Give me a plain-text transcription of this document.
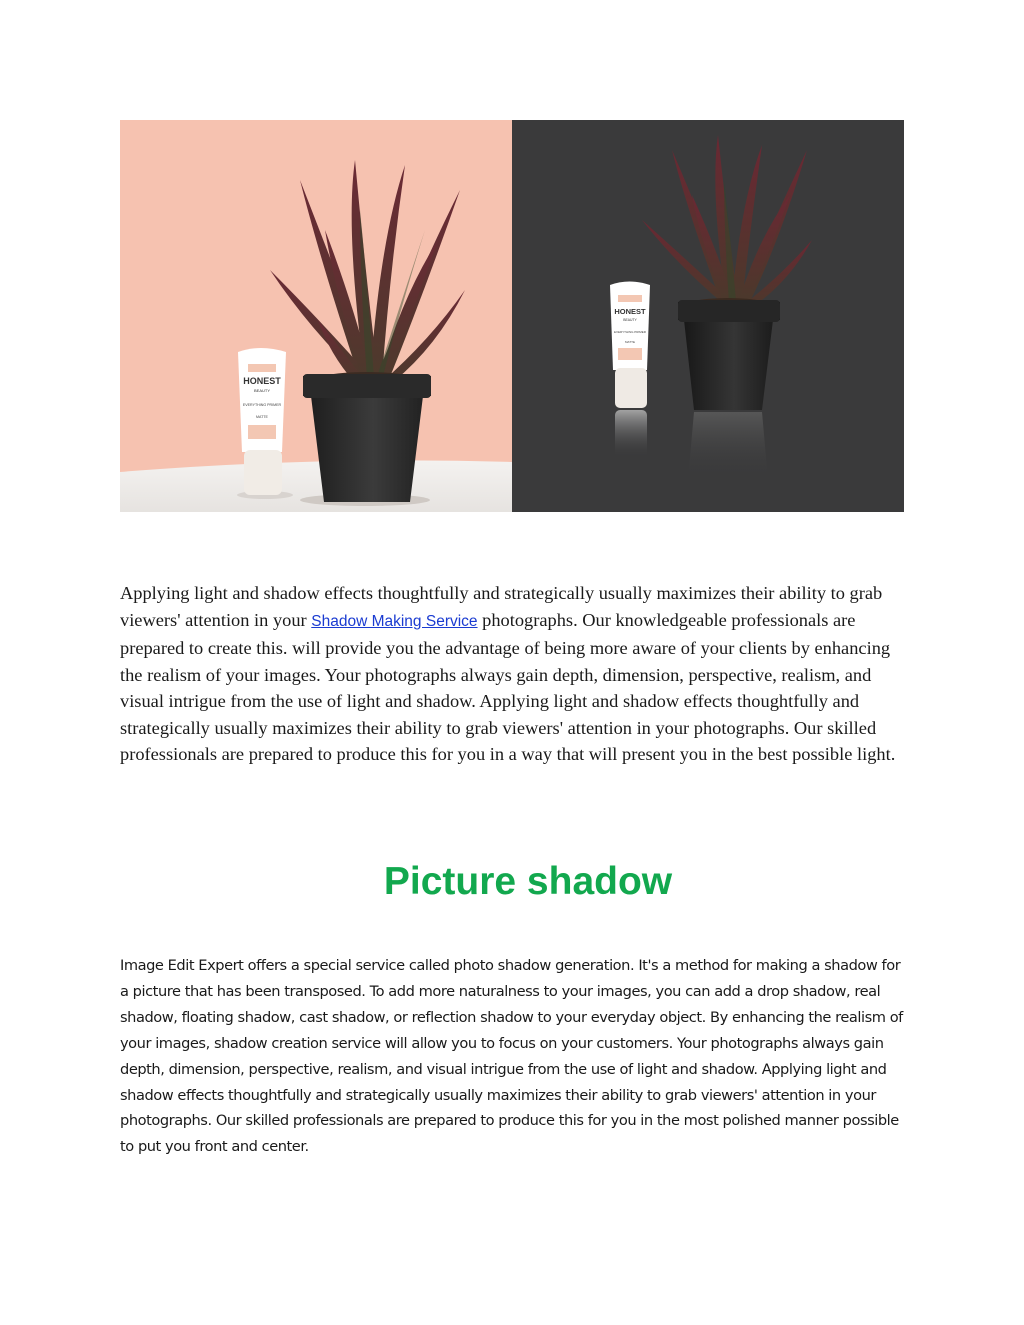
HONEST
BEAUTY
EVERYTHING PRIMER
MATTE
HONEST
BEAUTY
EVERYTHING PRIMER
MATTE

Applying light and shadow effects thoughtfully and strategically usually maximizes their ability to grab viewers' attention in your Shadow Making Service photographs. Our knowledgeable professionals are prepared to create this. will provide you the advantage of being more aware of your clients by enhancing the realism of your images. Your photographs always gain depth, dimension, perspective, realism, and visual intrigue from the use of light and shadow. Applying light and shadow effects thoughtfully and strategically usually maximizes their ability to grab viewers' attention in your photographs. Our skilled professionals are prepared to produce this for you in a way that will present you in the best possible light.

Picture shadow

Image Edit Expert offers a special service called photo shadow generation. It's a method for making a shadow for a picture that has been transposed. To add more naturalness to your images, you can add a drop shadow, real shadow, floating shadow, cast shadow, or reflection shadow to your everyday object. By enhancing the realism of your images, shadow creation service will allow you to focus on your customers. Your photographs always gain depth, dimension, perspective, realism, and visual intrigue from the use of light and shadow. Applying light and shadow effects thoughtfully and strategically usually maximizes their ability to grab viewers' attention in your photographs. Our skilled professionals are prepared to produce this for you in the most polished manner possible to put you front and center.
